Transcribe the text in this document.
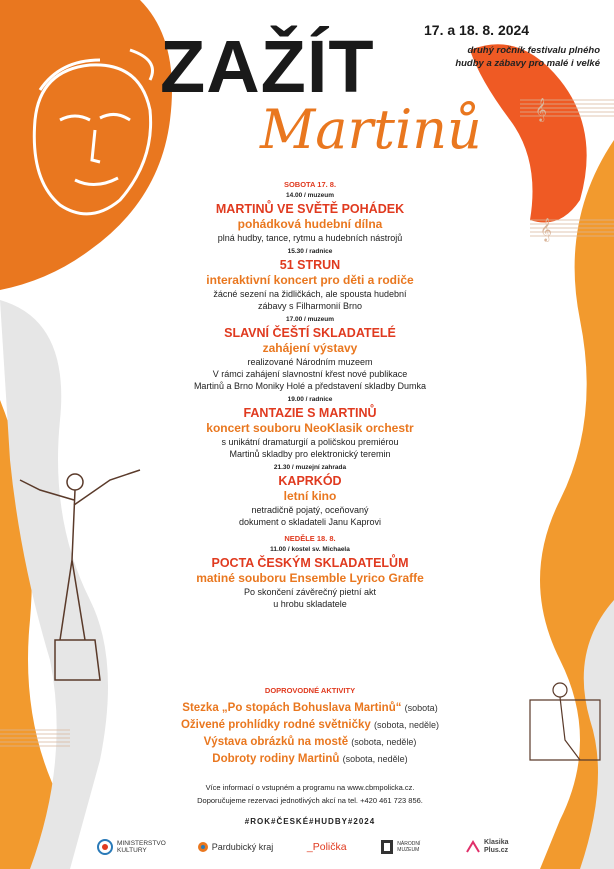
𝄞
𝄞
17. a 18. 8. 2024
druhý ročník festivalu plného
hudby a zábavy pro malé i velké
ZAŽÍT
Martinů
SOBOTA 17. 8.
14.00 / muzeum
MARTINŮ VE SVĚTĚ POHÁDEK
pohádková hudební dílna
plná hudby, tance, rytmu a hudebních nástrojů
15.30 / radnice
51 STRUN
interaktivní koncert pro děti a rodiče
žácné sezení na židličkách, ale spousta hudební
zábavy s Filharmonií Brno
17.00 / muzeum
SLAVNÍ ČEŠTÍ SKLADATELÉ
zahájení výstavy
realizované Národním muzeem
V rámci zahájení slavnostní křest nové publikace
Martinů a Brno Moniky Holé a představení skladby Dumka
19.00 / radnice
FANTAZIE S MARTINŮ
koncert souboru NeoKlasik orchestr
s unikátní dramaturgií a poličskou premiérou
Martinů skladby pro elektronický teremin
21.30 / muzejní zahrada
KAPRKÓD
letní kino
netradičně pojatý, oceňovaný
dokument o skladateli Janu Kaprovi
NEDĚLE 18. 8.
11.00 / kostel sv. Michaela
POCTA ČESKÝM SKLADATELŮM
matiné souboru Ensemble Lyrico Graffe
Po skončení závěrečný pietní akt
u hrobu skladatele
DOPROVODNÉ AKTIVITY
Stezka „Po stopách Bohuslava Martinů“ (sobota)
Oživené prohlídky rodné světničky (sobota, neděle)
Výstava obrázků na mostě (sobota, neděle)
Dobroty rodiny Martinů (sobota, neděle)
Více informací o vstupném a programu na www.cbmpolicka.cz.
Doporučujeme rezervaci jednotlivých akcí na tel. +420 461 723 856.
#ROK#ČESKÉ#HUDBY#2024
MINISTERSTVO KULTURY	Pardubický kraj	_Polička	NÁRODNÍ MUZEUM
Klasika Plus.cz
